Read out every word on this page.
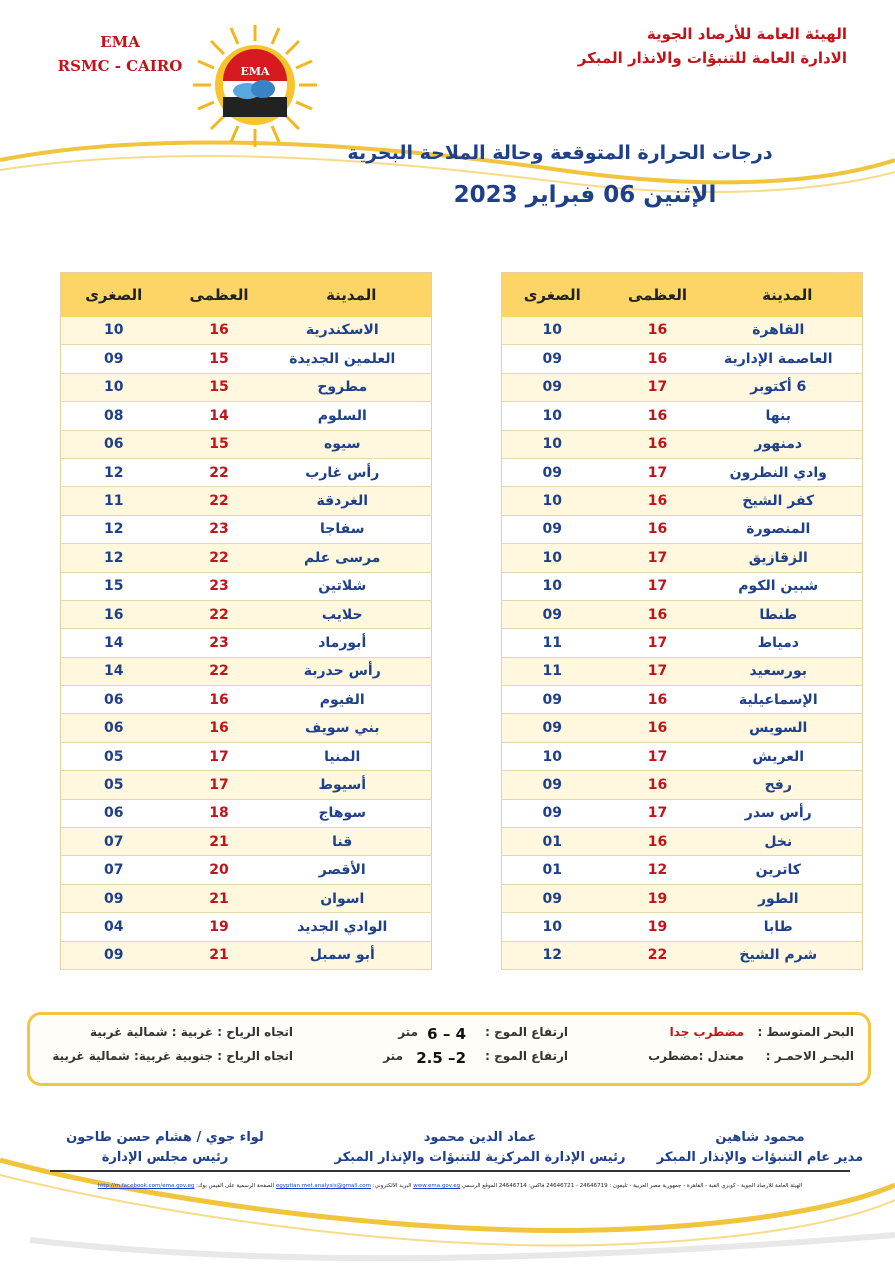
EMA
RSMC - CAIRO	EMA
الهيئة العامة للأرصاد الجوية
الادارة العامة للتنبؤات والانذار المبكر
درجات الحرارة المتوقعة وحالة الملاحة البحرية
الإثنين 06 فبراير 2023
المدينة	العظمى	الصغرى
القاهرة	16	10
العاصمة الإدارية	16	09
6 أكتوبر	17	09
بنها	16	10
دمنهور	16	10
وادي النطرون	17	09
كفر الشيخ	16	10
المنصورة	16	09
الزقازيق	17	10
شبين الكوم	17	10
طنطا	16	09
دمياط	17	11
بورسعيد	17	11
الإسماعيلية	16	09
السويس	16	09
العريش	17	10
رفح	16	09
رأس سدر	17	09
نخل	16	01
كاترين	12	01
الطور	19	09
طابا	19	10
شرم الشيخ	22	12
المدينة	العظمى	الصغرى
الاسكندرية	16	10
العلمين الجديدة	15	09
مطروح	15	10
السلوم	14	08
سيوه	15	06
رأس غارب	22	12
الغردقة	22	11
سفاجا	23	12
مرسى علم	22	12
شلاتين	23	15
حلايب	22	16
أبورماد	23	14
رأس حدربة	22	14
الفيوم	16	06
بني سويف	16	06
المنيا	17	05
أسيوط	17	05
سوهاج	18	06
قنا	21	07
الأقصر	20	07
اسوان	21	09
الوادي الجديد	19	04
أبو سمبل	21	09
البحر المتوسط :
مضطرب جدا
ارتفاع الموج :
4 – 6
متر
اتجاه الرياح : غربية : شمالية غربية
البحـر الاحمـر :
معتدل :مضطرب
ارتفاع الموج :
2– 2.5
متر
اتجاه الرياح : جنوبية غربية: شمالية غربية
محمود شاهين
مدير عام التنبؤات والإنذار المبكر
عماد الدين محمود
رئيس الإدارة المركزية للتنبؤات والإنذار المبكر
لواء جوي / هشام حسن طاحون
رئيس مجلس الإدارة
الهيئة العامة للأرصاد الجوية - كوبري القبة - القاهرة - جمهورية مصر العربية - تليفون : 24646719 - 24646721 فاكس: 24646714 الموقع الرسمي www.ema.gov.eg البريد الالكتروني: egyptian.met.analysis@gmail.com الصفحة الرسمية على الفيس بوك: http://m.facebook.com/ema.gov.eg
